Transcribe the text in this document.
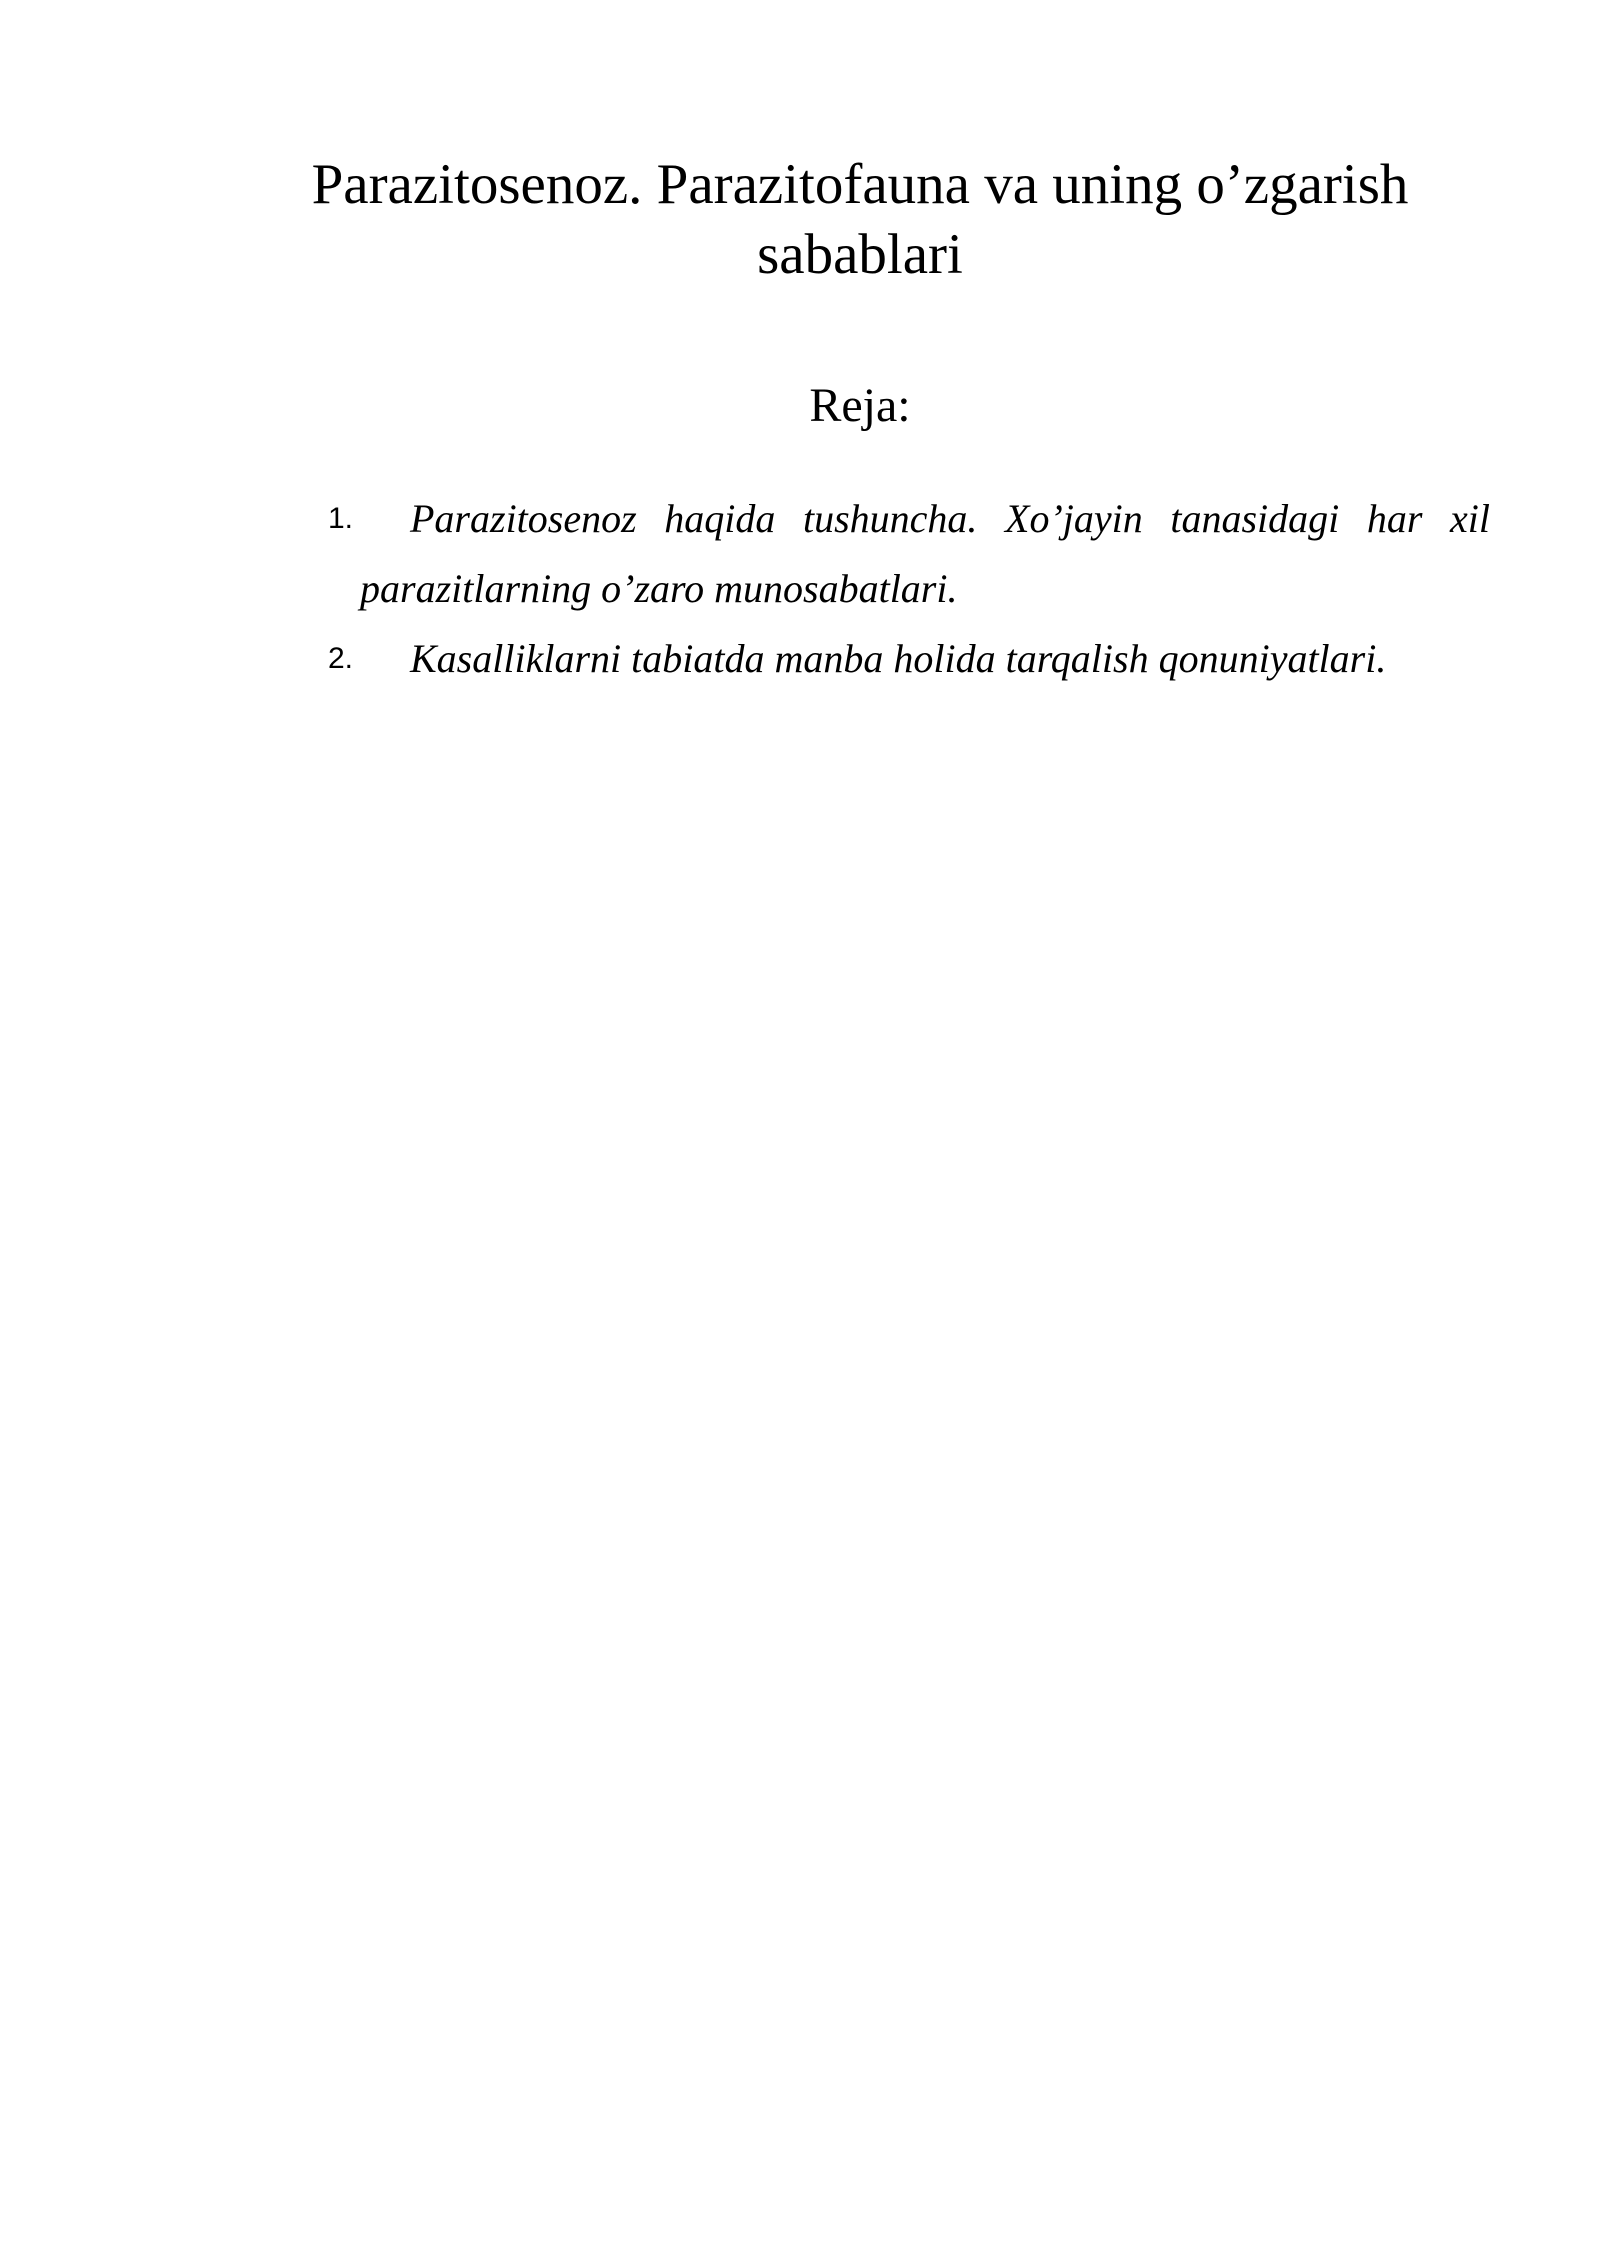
Parazitosenoz. Parazitofauna va uning o’zgarish sabablari
Reja:
1.	Parazitosenoz haqida tushuncha. Xo’jayin tanasidagi har xil parazitlarning o’zaro munosabatlari.
2.	Kasalliklarni tabiatda manba holida tarqalish qonuniyatlari.
